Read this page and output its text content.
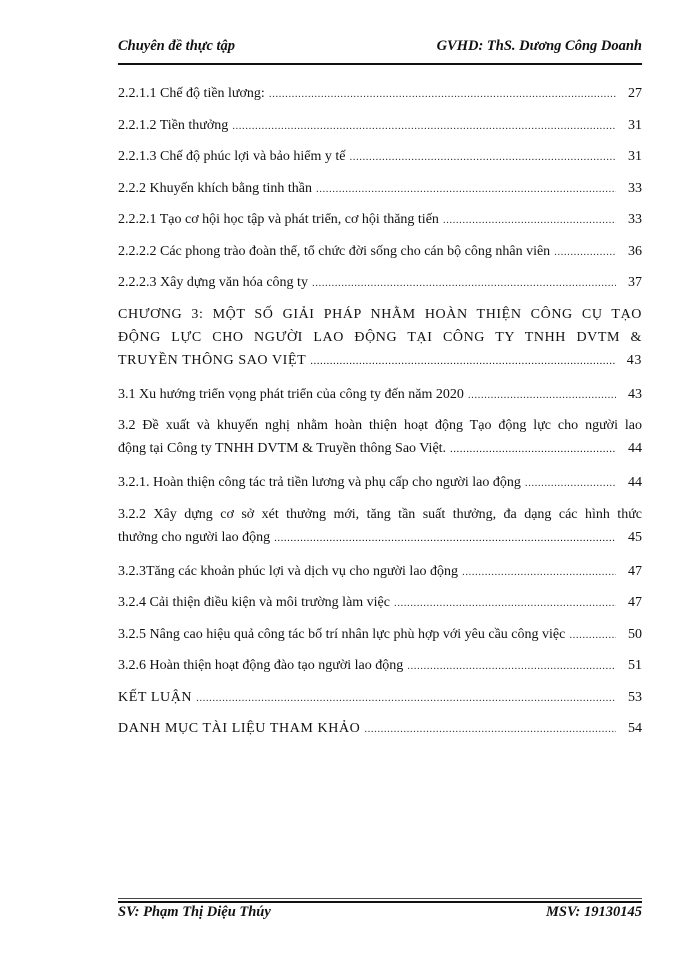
Chuyên đề thực tập	GVHD: ThS. Dương Công Doanh
2.2.1.1 Chế độ tiền lương: .....	27
2.2.1.2 Tiền thưởng .....	31
2.2.1.3 Chế độ phúc lợi và bảo hiểm y tế .....	31
2.2.2 Khuyến khích bằng tinh thần .....	33
2.2.2.1 Tạo cơ hội học tập và phát triển, cơ hội thăng tiến .....	33
2.2.2.2 Các phong trào đoàn thể, tổ chức đời sống cho cán bộ công nhân viên .....	36
2.2.2.3 Xây dựng văn hóa công ty .....	37
CHƯƠNG 3: MỘT SỐ GIẢI PHÁP NHẰM HOÀN THIỆN CÔNG CỤ TẠO
ĐỘNG LỰC CHO NGƯỜI LAO ĐỘNG TẠI CÔNG TY TNHH DVTM &
TRUYỀN THÔNG SAO VIỆT .....	43
3.1 Xu hướng triển vọng phát triển của công ty đến năm 2020 .....	43
3.2 Đề xuất và khuyến nghị nhằm hoàn thiện hoạt động Tạo động lực cho người lao
động tại Công ty TNHH DVTM & Truyền thông Sao Việt. .....	44
3.2.1. Hoàn thiện công tác trả tiền lương và phụ cấp cho người lao động .....	44
3.2.2 Xây dựng cơ sở xét thưởng mới, tăng tần suất thưởng, đa dạng các hình thức
thưởng cho người lao động .....	45
3.2.3Tăng các khoản phúc lợi và dịch vụ cho người lao động .....	47
3.2.4 Cải thiện điều kiện và môi trường làm việc .....	47
3.2.5 Nâng cao hiệu quả công tác bố trí nhân lực phù hợp với yêu cầu công việc .....	50
3.2.6 Hoàn thiện hoạt động đào tạo người lao động .....	51
KẾT LUẬN .....	53
DANH MỤC TÀI LIỆU THAM KHẢO .....	54
SV: Phạm Thị Diệu Thúy	MSV: 19130145
